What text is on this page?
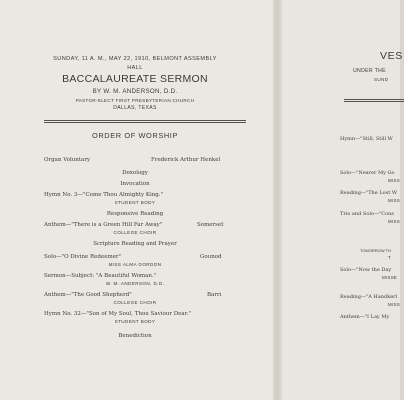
SUNDAY, 11 A. M., MAY 22, 1910, BELMONT ASSEMBLY
HALL
BACCALAUREATE SERMON
BY W. M. ANDERSON, D.D.
PASTOR-ELECT FIRST PRESBYTERIAN CHURCH
DALLAS, TEXAS
ORDER OF WORSHIP
Organ Voluntary	Frederick Arthur Henkel
Doxology
Invocation
Hymn No. 3—"Come Thou Almighty King."
STUDENT BODY
Responsive Reading
Anthem—"There is a Green Hill Far Away"	Somerset
COLLEGE CHOIR
Scripture Reading and Prayer
Solo—"O Divine Redeemer"	Gounod
MISS ALMA GORDON
Sermon—Subject: "A Beautiful Woman."
W. M. ANDERSON, D.D.
Anthem—"The Good Shepherd"	Barri
COLLEGE CHOIR
Hymn No. 32—"Son of My Soul, Thou Saviour Dear."
STUDENT BODY
Benediction
VES
UNDER THE
SUND
Hymn—"Still, Still W
Solo—"Nearer My Go
MISS
Reading—"The Lost W
MISS
Trio and Solo—"Cons
MISS
TOMORROW TH
T
Solo—"Now the Day
MISSE
Reading—"A Handkerl
MISS
Anthem—"I Lay My
